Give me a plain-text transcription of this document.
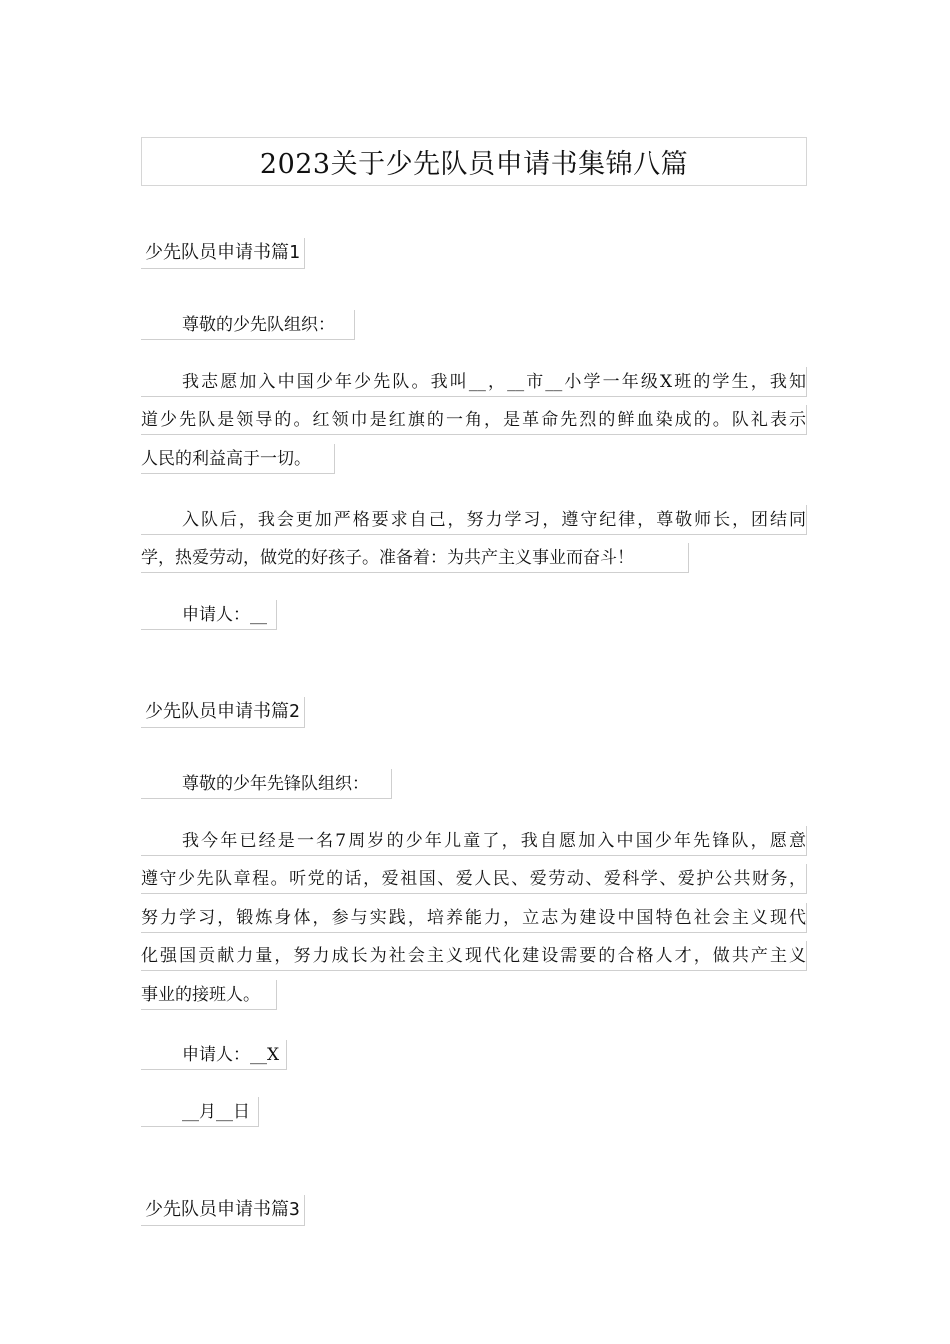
2023关于少先队员申请书集锦八篇
少先队员申请书篇1
尊敬的少先队组织：
我志愿加入中国少年少先队。我叫__，__市__小学一年级X班的学生，我知
道少先队是领导的。红领巾是红旗的一角，是革命先烈的鲜血染成的。队礼表示
人民的利益高于一切。
入队后，我会更加严格要求自己，努力学习，遵守纪律，尊敬师长，团结同
学，热爱劳动，做党的好孩子。准备着：为共产主义事业而奋斗！
申请人：__
少先队员申请书篇2
尊敬的少年先锋队组织：
我今年已经是一名7周岁的少年儿童了，我自愿加入中国少年先锋队，愿意
遵守少先队章程。听党的话，爱祖国、爱人民、爱劳动、爱科学、爱护公共财务，
努力学习，锻炼身体，参与实践，培养能力，立志为建设中国特色社会主义现代
化强国贡献力量，努力成长为社会主义现代化建设需要的合格人才，做共产主义
事业的接班人。
申请人：__X
__月__日
少先队员申请书篇3
